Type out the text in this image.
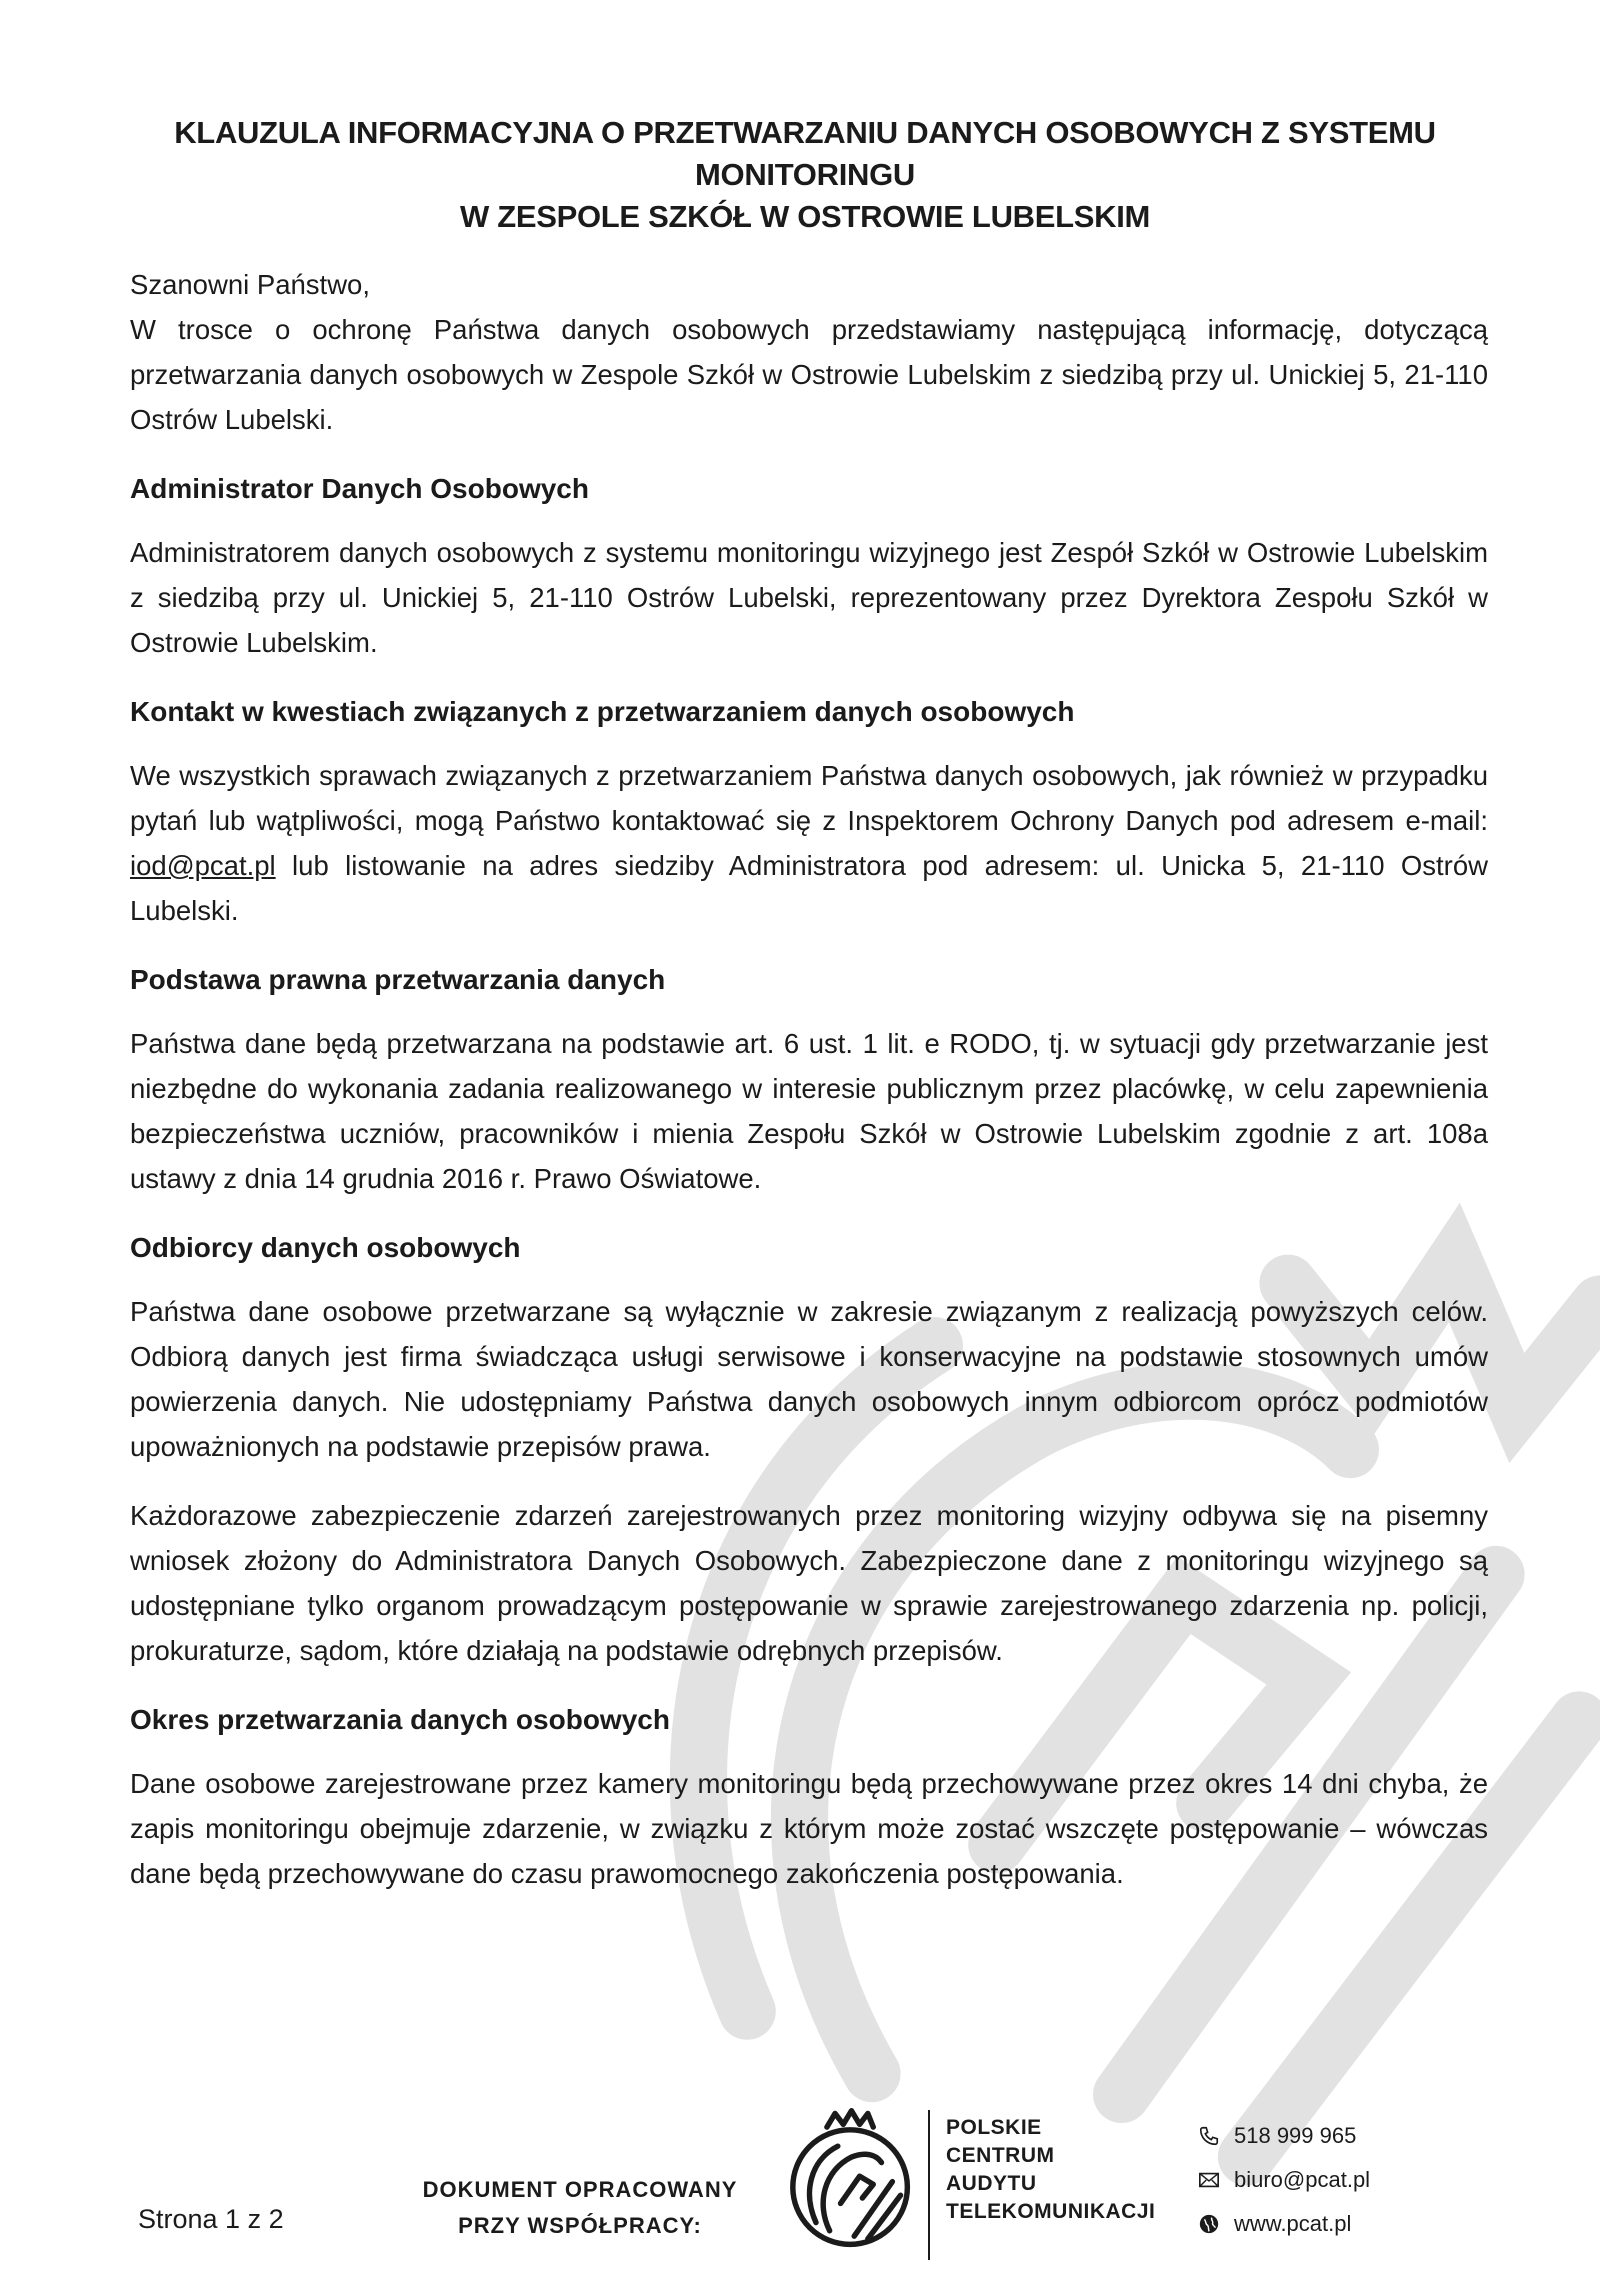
KLAUZULA INFORMACYJNA O PRZETWARZANIU DANYCH OSOBOWYCH Z SYSTEMU MONITORINGU
W ZESPOLE SZKÓŁ W OSTROWIE LUBELSKIM

Szanowni Państwo,

W trosce o ochronę Państwa danych osobowych przedstawiamy następującą informację, dotyczącą przetwarzania danych osobowych w Zespole Szkół w Ostrowie Lubelskim z siedzibą przy ul. Unickiej 5, 21-110 Ostrów Lubelski.

Administrator Danych Osobowych

Administratorem danych osobowych z systemu monitoringu wizyjnego jest Zespół Szkół w Ostrowie Lubelskim z siedzibą przy ul. Unickiej 5, 21-110 Ostrów Lubelski, reprezentowany przez Dyrektora Zespołu Szkół w Ostrowie Lubelskim.

Kontakt w kwestiach związanych z przetwarzaniem danych osobowych

We wszystkich sprawach związanych z przetwarzaniem Państwa danych osobowych, jak również w przypadku pytań lub wątpliwości, mogą Państwo kontaktować się z Inspektorem Ochrony Danych pod adresem e-mail: iod@pcat.pl lub listowanie na adres siedziby Administratora pod adresem: ul. Unicka 5, 21-110 Ostrów Lubelski.

Podstawa prawna przetwarzania danych

Państwa dane będą przetwarzana na podstawie art. 6 ust. 1 lit. e RODO, tj. w sytuacji gdy przetwarzanie jest niezbędne do wykonania zadania realizowanego w interesie publicznym przez placówkę, w celu zapewnienia bezpieczeństwa uczniów, pracowników i mienia Zespołu Szkół w Ostrowie Lubelskim zgodnie z art. 108a ustawy z dnia 14 grudnia 2016 r. Prawo Oświatowe.

Odbiorcy danych osobowych

Państwa dane osobowe przetwarzane są wyłącznie w zakresie związanym z realizacją powyższych celów. Odbiorą danych jest firma świadcząca usługi serwisowe i konserwacyjne na podstawie stosownych umów powierzenia danych. Nie udostępniamy Państwa danych osobowych innym odbiorcom oprócz podmiotów upoważnionych na podstawie przepisów prawa.

Każdorazowe zabezpieczenie zdarzeń zarejestrowanych przez monitoring wizyjny odbywa się na pisemny wniosek złożony do Administratora Danych Osobowych. Zabezpieczone dane z monitoringu wizyjnego są udostępniane tylko organom prowadzącym postępowanie w sprawie zarejestrowanego zdarzenia np. policji, prokuraturze, sądom, które działają na podstawie odrębnych przepisów.

Okres przetwarzania danych osobowych

Dane osobowe zarejestrowane przez kamery monitoringu będą przechowywane przez okres 14 dni chyba, że zapis monitoringu obejmuje zdarzenie, w związku z którym może zostać wszczęte postępowanie – wówczas dane będą przechowywane do czasu prawomocnego zakończenia postępowania.

Strona 1 z 2
DOKUMENT OPRACOWANY
PRZY WSPÓŁPRACY:
POLSKIE
CENTRUM
AUDYTU
TELEKOMUNIKACJI
518 999 965
biuro@pcat.pl
www.pcat.pl
